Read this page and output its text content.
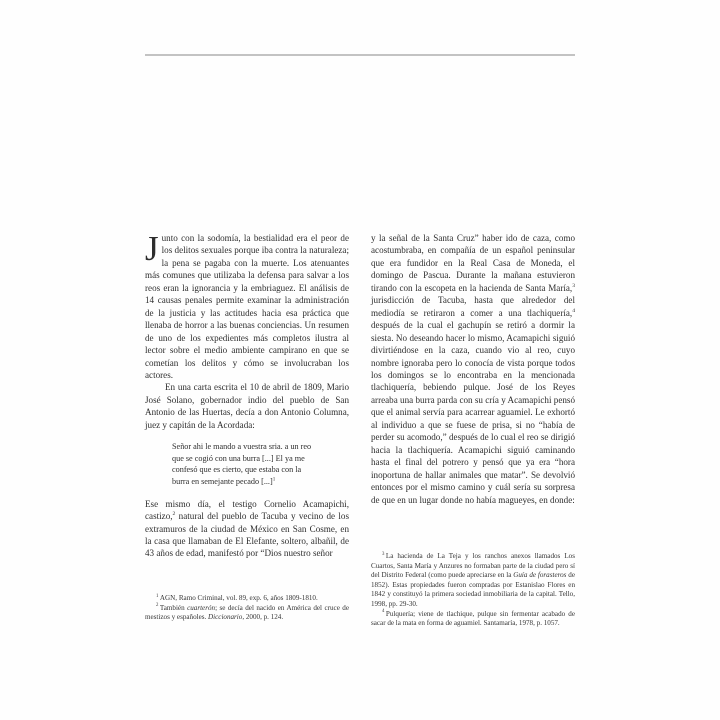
Junto con la sodomía, la bestialidad era el peor de los delitos sexuales porque iba contra la naturaleza; la pena se pagaba con la muerte. Los atenuantes más comunes que utilizaba la defensa para salvar a los reos eran la ignorancia y la embriaguez. El análisis de 14 causas penales permite examinar la administración de la justicia y las actitudes hacia esa práctica que llenaba de horror a las buenas conciencias. Un resumen de uno de los expedientes más completos ilustra al lector sobre el medio ambiente campirano en que se cometían los delitos y cómo se involucraban los actores.

En una carta escrita el 10 de abril de 1809, Mario José Solano, gobernador indio del pueblo de San Antonio de las Huertas, decía a don Antonio Columna, juez y capitán de la Acordada:

Señor ahi le mando a vuestra sria. a un reo
que se cogió con una burra [...] El ya me
confesó que es cierto, que estaba con la
burra en semejante pecado [...]$^1$

Ese mismo día, el testigo Cornelio Acamapichi, castizo,$^2$ natural del pueblo de Tacuba y vecino de los extramuros de la ciudad de México en San Cosme, en la casa que llamaban de El Elefante, soltero, albañil, de 43 años de edad, manifestó por “Dios nuestro señor

$^1$ AGN, Ramo Criminal, vol. 89, exp. 6, años 1809-1810.

$^2$ También cuarterón; se decía del nacido en América del cruce de mestizos y españoles. Diccionario, 2000, p. 124.

y la señal de la Santa Cruz” haber ido de caza, como acostumbraba, en compañía de un español peninsular que era fundidor en la Real Casa de Moneda, el domingo de Pascua. Durante la mañana estuvieron tirando con la escopeta en la hacienda de Santa María,$^3$ jurisdicción de Tacuba, hasta que alrededor del mediodía se retiraron a comer a una tlachiquería,$^4$ después de la cual el gachupín se retiró a dormir la siesta. No deseando hacer lo mismo, Acamapichi siguió divirtiéndose en la caza, cuando vio al reo, cuyo nombre ignoraba pero lo conocía de vista porque todos los domingos se lo encontraba en la mencionada tlachiquería, bebiendo pulque. José de los Reyes arreaba una burra parda con su cría y Acamapichi pensó que el animal servía para acarrear aguamiel. Le exhortó al individuo a que se fuese de prisa, si no “había de perder su acomodo,” después de lo cual el reo se dirigió hacia la tlachiquería. Acamapichi siguió caminando hasta el final del potrero y pensó que ya era “hora inoportuna de hallar animales que matar”. Se devolvió entonces por el mismo camino y cuál sería su sorpresa de que en un lugar donde no había magueyes, en donde:

$^3$ La hacienda de La Teja y los ranchos anexos llamados Los Cuartos, Santa María y Anzures no formaban parte de la ciudad pero sí del Distrito Federal (como puede apreciarse en la Guía de forasteros de 1852). Estas propiedades fueron compradas por Estanislao Flores en 1842 y constituyó la primera sociedad inmobiliaria de la capital. Tello, 1998, pp. 29-30.

$^4$ Pulquería; viene de tlachique, pulque sin fermentar acabado de sacar de la mata en forma de aguamiel. Santamaría, 1978, p. 1057.
